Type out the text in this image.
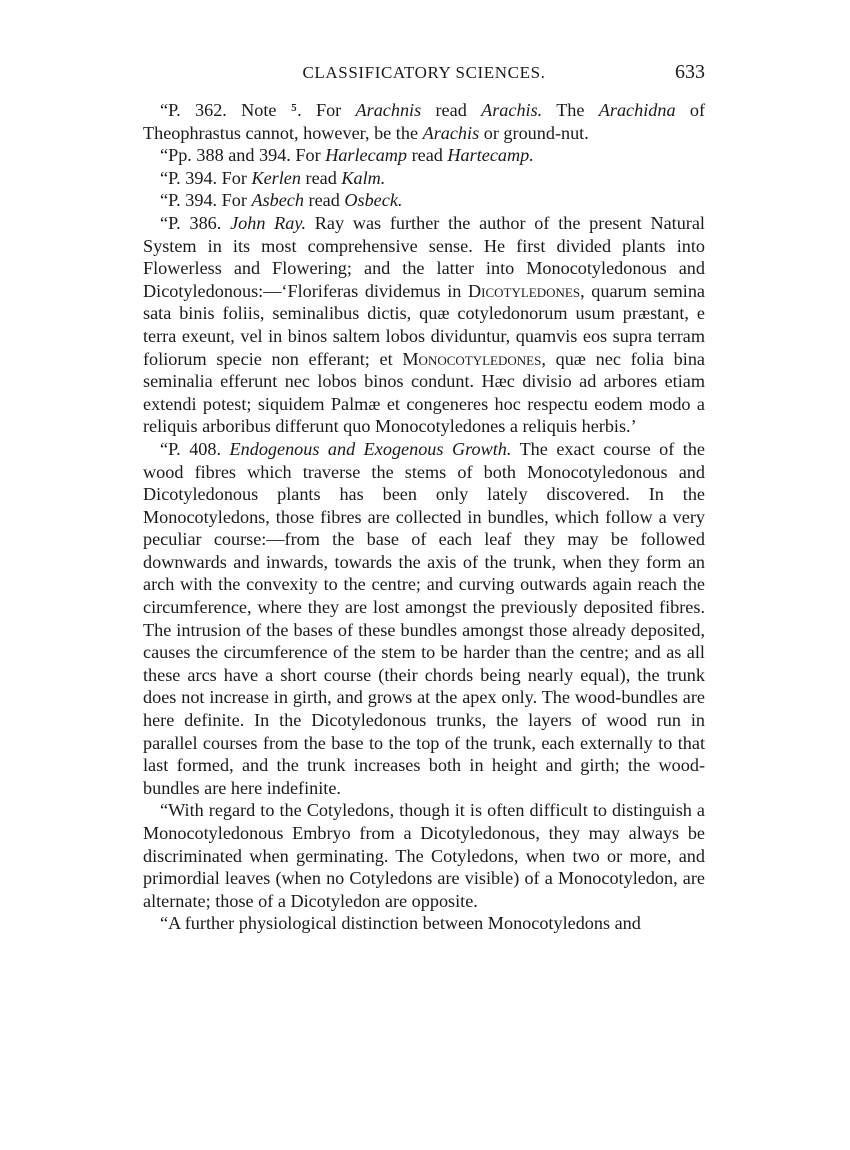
CLASSIFICATORY SCIENCES.	633

“P. 362. Note ⁵. For Arachnis read Arachis. The Arachidna of Theophrastus cannot, however, be the Arachis or ground-nut.

“Pp. 388 and 394. For Harlecamp read Hartecamp.

“P. 394. For Kerlen read Kalm.

“P. 394. For Asbech read Osbeck.

“P. 386. John Ray. Ray was further the author of the present Natural System in its most comprehensive sense. He first divided plants into Flowerless and Flowering; and the latter into Monocotyledonous and Dicotyledonous:—‘Floriferas dividemus in Dicotyledones, quarum semina sata binis foliis, seminalibus dictis, quæ cotyledonorum usum præstant, e terra exeunt, vel in binos saltem lobos dividuntur, quamvis eos supra terram foliorum specie non efferant; et Monocotyledones, quæ nec folia bina seminalia efferunt nec lobos binos condunt. Hæc divisio ad arbores etiam extendi potest; siquidem Palmæ et congeneres hoc respectu eodem modo a reliquis arboribus differunt quo Monocotyledones a reliquis herbis.’

“P. 408. Endogenous and Exogenous Growth. The exact course of the wood fibres which traverse the stems of both Monocotyledonous and Dicotyledonous plants has been only lately discovered. In the Monocotyledons, those fibres are collected in bundles, which follow a very peculiar course:—from the base of each leaf they may be followed downwards and inwards, towards the axis of the trunk, when they form an arch with the convexity to the centre; and curving outwards again reach the circumference, where they are lost amongst the previously deposited fibres. The intrusion of the bases of these bundles amongst those already deposited, causes the circumference of the stem to be harder than the centre; and as all these arcs have a short course (their chords being nearly equal), the trunk does not increase in girth, and grows at the apex only. The wood-bundles are here definite. In the Dicotyledonous trunks, the layers of wood run in parallel courses from the base to the top of the trunk, each externally to that last formed, and the trunk increases both in height and girth; the wood-bundles are here indefinite.

“With regard to the Cotyledons, though it is often difficult to distinguish a Monocotyledonous Embryo from a Dicotyledonous, they may always be discriminated when germinating. The Cotyledons, when two or more, and primordial leaves (when no Cotyledons are visible) of a Monocotyledon, are alternate; those of a Dicotyledon are opposite.

“A further physiological distinction between Monocotyledons and
